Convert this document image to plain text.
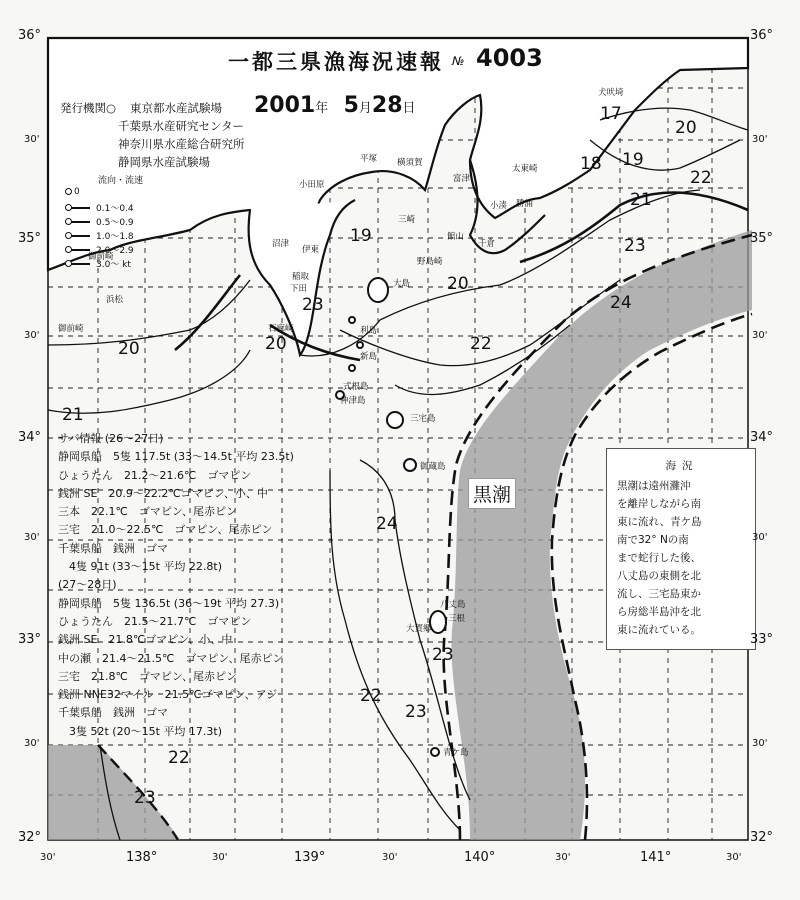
一都三県漁海況速報 № 4003
発行機関○ 東京都水産試験場
千葉県水産研究センター
神奈川県水産総合研究所
静岡県水産試験場
2001年 5月28日
流向・流速
0
0.1～0.4
0.5～0.9
1.0～1.8
2.0～2.9
3.0～ kt
サバ情報 (26～27日)
静岡県船　5隻 117.5t (33～14.5t 平均 23.5t)
ひょうたん　21.2～21.6℃　ゴマピン
銭洲 SE　20.9～22.2℃ゴマピン、小、中
三本　22.1℃　ゴマピン、尾赤ピン
三宅　21.0～22.5℃　ゴマピン、尾赤ピン
千葉県船　銭洲　ゴマ
　4隻 91t (33～15t 平均 22.8t)
(27～28日)
静岡県船　5隻 136.5t (36～19t 平均 27.3)
ひょうたん　21.5～21.7℃　ゴマピン
銭洲 SE　21.8℃ゴマピン、小、中
中の瀬　21.4～21.5℃　ゴマピン、尾赤ピン
三宅　21.8℃　ゴマピン、尾赤ピン
銭洲 NNE32マイル　21.5℃ゴマピン、アジ
千葉県船　銭洲　ゴマ
　3隻 52t (20～15t 平均 17.3t)
海況
黒潮は遠州灘沖
を離岸しながら南
東に流れ、青ケ島
南で32° Nの南
まで蛇行した後、
八丈島の東側を北
流し、三宅島東か
ら房総半島沖を北
東に流れている。
黒潮
17
18 19
20
21
22
23
24
19
20
20
20
21
22
23
24
22
23
22
23
23
犬吠埼
太東崎
勝浦
小湊
千倉
野島崎
平塚 横須賀
富津
館山
三崎
小田原
沼津
伊東
稲取
下田
石廊崎
御前崎
大島
利島
新島
式根島
神津島
三宅島
御蔵島
八丈島
三根
大賀郷
青ケ島
浜松
御前崎
36°
30'
35°
30'
34°
30'
33°
30'
32°
36°
30'
35°
30'
34°
30'
33°
30'
32°
30'	138°	30'	139°	30'	140°	30'	141°	30'
